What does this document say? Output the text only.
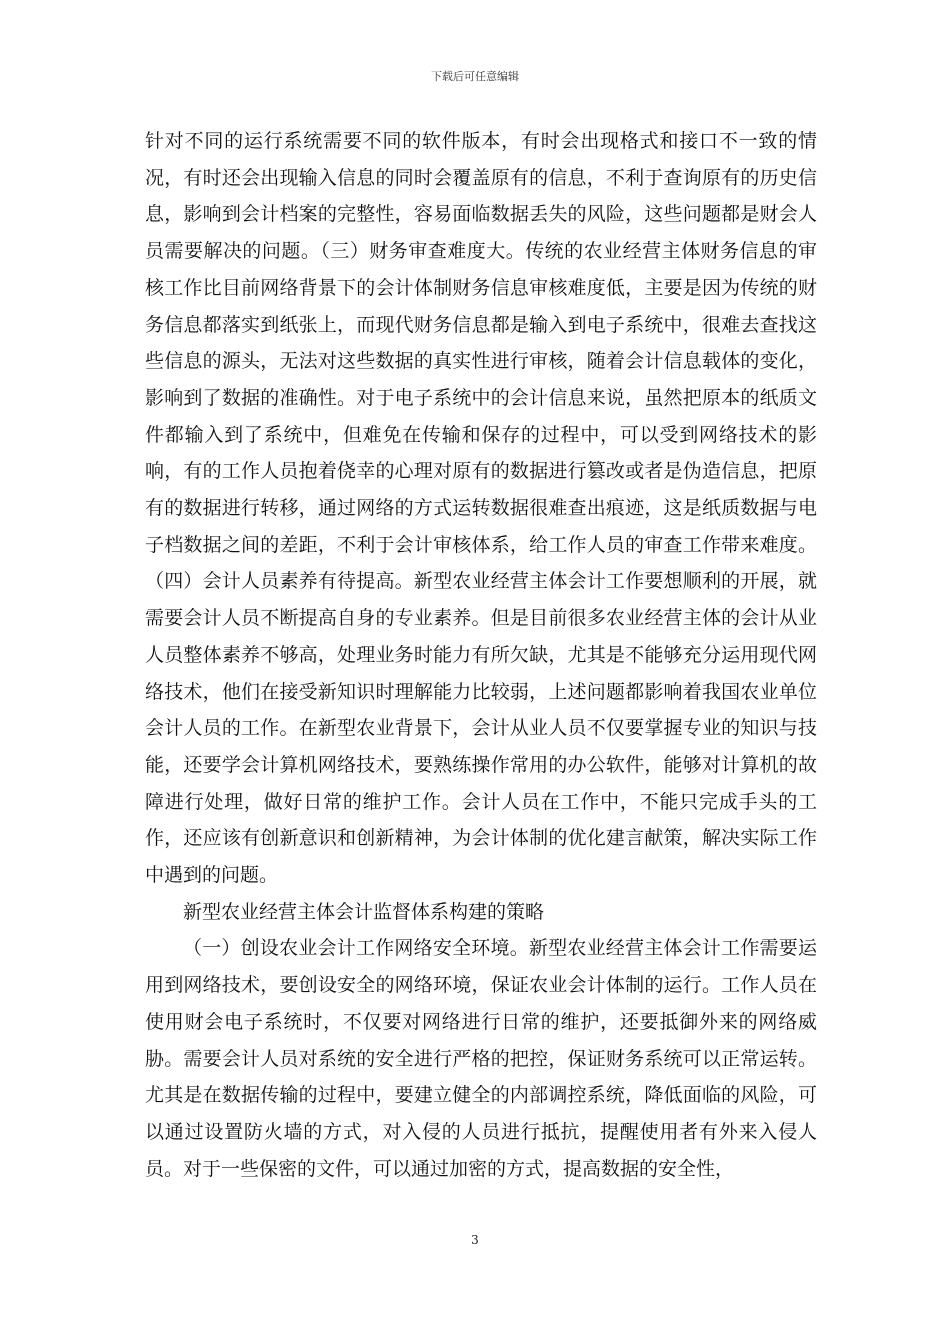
下载后可任意编辑

针对不同的运行系统需要不同的软件版本，有时会出现格式和接口不一致的情况，有时还会出现输入信息的同时会覆盖原有的信息，不利于查询原有的历史信息，影响到会计档案的完整性，容易面临数据丢失的风险，这些问题都是财会人员需要解决的问题。（三）财务审查难度大。传统的农业经营主体财务信息的审核工作比目前网络背景下的会计体制财务信息审核难度低，主要是因为传统的财务信息都落实到纸张上，而现代财务信息都是输入到电子系统中，很难去查找这些信息的源头，无法对这些数据的真实性进行审核，随着会计信息载体的变化，影响到了数据的准确性。对于电子系统中的会计信息来说，虽然把原本的纸质文件都输入到了系统中，但难免在传输和保存的过程中，可以受到网络技术的影响，有的工作人员抱着侥幸的心理对原有的数据进行篡改或者是伪造信息，把原有的数据进行转移，通过网络的方式运转数据很难查出痕迹，这是纸质数据与电子档数据之间的差距，不利于会计审核体系，给工作人员的审查工作带来难度。（四）会计人员素养有待提高。新型农业经营主体会计工作要想顺利的开展，就需要会计人员不断提高自身的专业素养。但是目前很多农业经营主体的会计从业人员整体素养不够高，处理业务时能力有所欠缺，尤其是不能够充分运用现代网络技术，他们在接受新知识时理解能力比较弱，上述问题都影响着我国农业单位会计人员的工作。在新型农业背景下，会计从业人员不仅要掌握专业的知识与技能，还要学会计算机网络技术，要熟练操作常用的办公软件，能够对计算机的故障进行处理，做好日常的维护工作。会计人员在工作中，不能只完成手头的工作，还应该有创新意识和创新精神，为会计体制的优化建言献策，解决实际工作中遇到的问题。

新型农业经营主体会计监督体系构建的策略

（一）创设农业会计工作网络安全环境。新型农业经营主体会计工作需要运用到网络技术，要创设安全的网络环境，保证农业会计体制的运行。工作人员在使用财会电子系统时，不仅要对网络进行日常的维护，还要抵御外来的网络威胁。需要会计人员对系统的安全进行严格的把控，保证财务系统可以正常运转。尤其是在数据传输的过程中，要建立健全的内部调控系统，降低面临的风险，可以通过设置防火墙的方式，对入侵的人员进行抵抗，提醒使用者有外来入侵人员。对于一些保密的文件，可以通过加密的方式，提高数据的安全性，

3
